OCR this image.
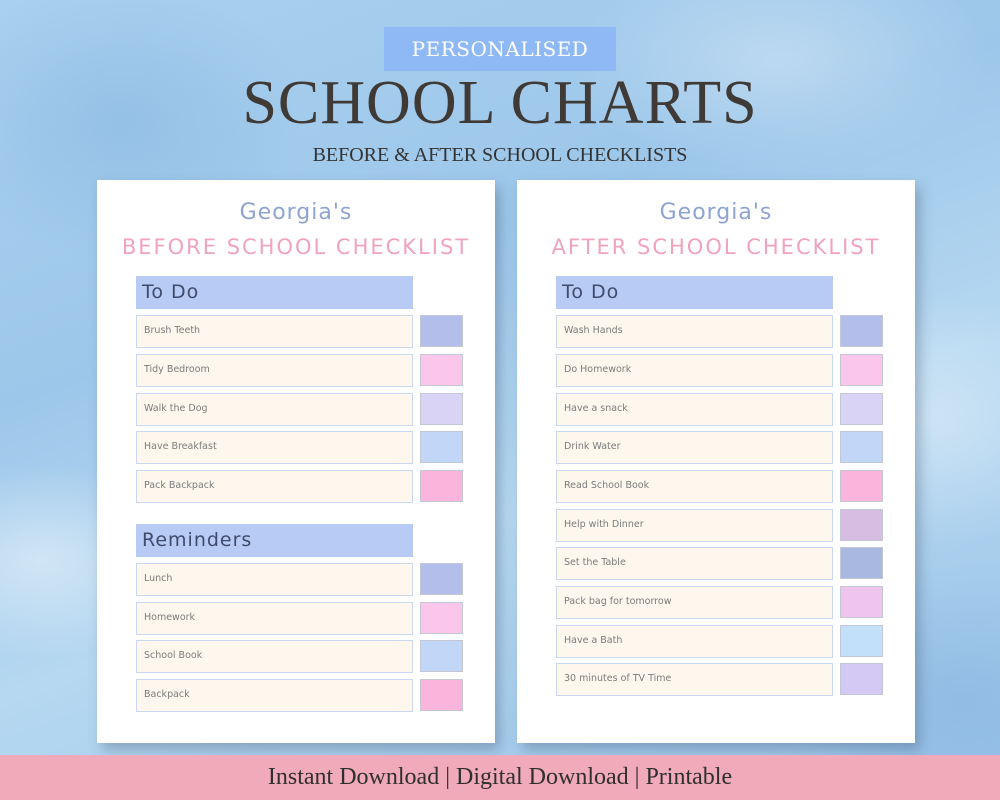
PERSONALISED
SCHOOL CHARTS
BEFORE & AFTER SCHOOL CHECKLISTS
Georgia's
BEFORE SCHOOL CHECKLIST
To Do
Brush Teeth
Tidy Bedroom
Walk the Dog
Have Breakfast
Pack Backpack
Reminders
Lunch
Homework
School Book
Backpack
Georgia's
AFTER SCHOOL CHECKLIST
To Do
Wash Hands
Do Homework
Have a snack
Drink Water
Read School Book
Help with Dinner
Set the Table
Pack bag for tomorrow
Have a Bath
30 minutes of TV Time
Instant Download | Digital Download | Printable
